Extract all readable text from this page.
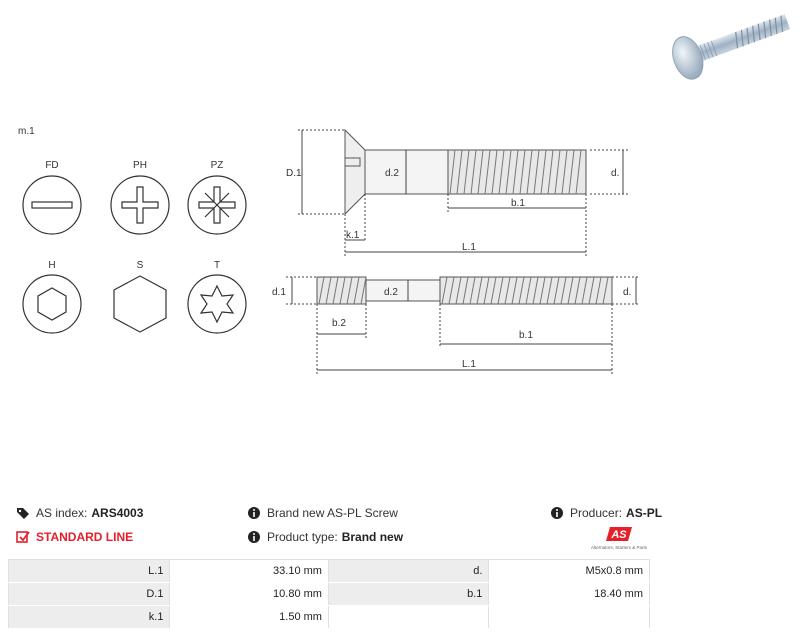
m.1
FD	PH	PZ
H	S	T
D.1	d.2	d.
b.1
k.1
L.1
d.1	d.2	d.
b.2
b.1
L.1
AS index: ARS4003
STANDARD LINE
Brand new AS-PL Screw
Product type: Brand new
Producer: AS-PL
AS
Alternators, Starters & Parts
L.1	33.10 mm	d.	M5x0.8 mm
D.1	10.80 mm	b.1	18.40 mm
k.1	1.50 mm		
